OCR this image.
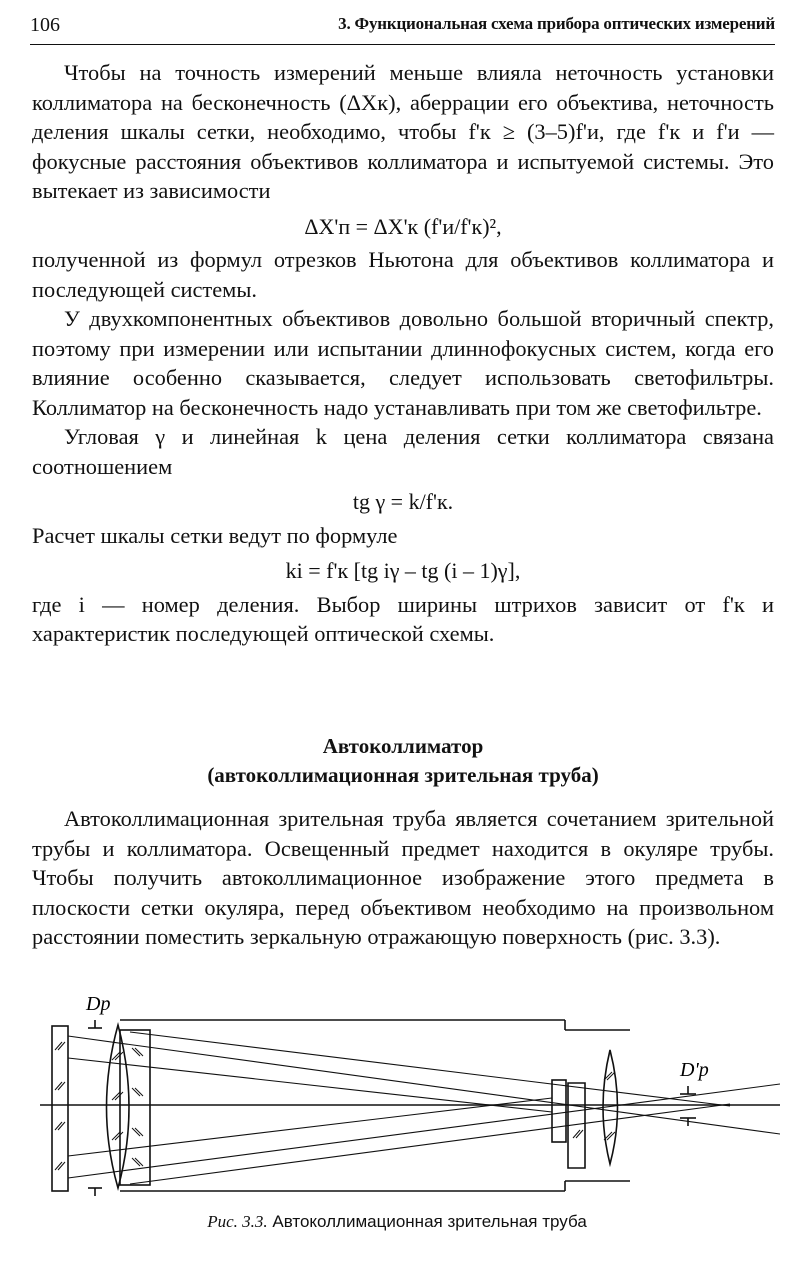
106	3. Функциональная схема прибора оптических измерений

Чтобы на точность измерений меньше влияла неточность установки коллиматора на бесконечность (ΔXк), аберрации его объектива, неточность деления шкалы сетки, необходимо, чтобы f'к ≥ (3–5)f'и, где f'к и f'и — фокусные расстояния объективов коллиматора и испытуемой системы. Это вытекает из зависимости

ΔX'п = ΔX'к (f'и/f'к)²,

полученной из формул отрезков Ньютона для объективов коллиматора и последующей системы.

У двухкомпонентных объективов довольно большой вторичный спектр, поэтому при измерении или испытании длиннофокусных систем, когда его влияние особенно сказывается, следует использовать светофильтры. Коллиматор на бесконечность надо устанавливать при том же светофильтре.

Угловая γ и линейная k цена деления сетки коллиматора связана соотношением

tg γ = k/f'к.

Расчет шкалы сетки ведут по формуле

ki = f'к [tg iγ – tg (i – 1)γ],

где i — номер деления. Выбор ширины штрихов зависит от f'к и характеристик последующей оптической схемы.

Автоколлиматор
(автоколлимационная зрительная труба)

Автоколлимационная зрительная труба является сочетанием зрительной трубы и коллиматора. Освещенный предмет находится в окуляре трубы. Чтобы получить автоколлимационное изображение этого предмета в плоскости сетки окуляра, перед объективом необходимо на произвольном расстоянии поместить зеркальную отражающую поверхность (рис. 3.3).

Dр
D'р
Рис. 3.3. Автоколлимационная зрительная труба
